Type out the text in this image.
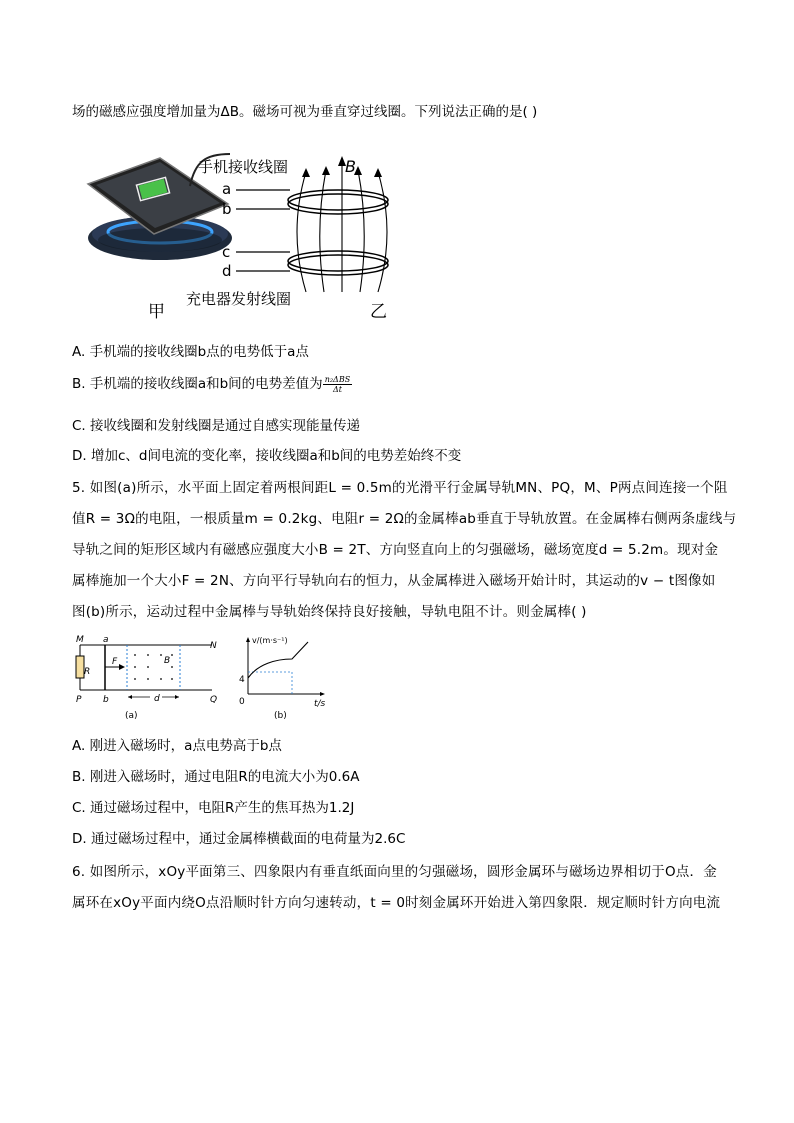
场的磁感应强度增加量为ΔB。磁场可视为垂直穿过线圈。下列说法正确的是( )
甲
手机接收线圈
充电器发射线圈
a
b
c
d
B
乙
A. 手机端的接收线圈b点的电势低于a点
B. 手机端的接收线圈a和b间的电势差值为 $\frac{\text{n₂ΔBS}}{\Delta t}$
C. 接收线圈和发射线圈是通过自感实现能量传递
D. 增加c、d间电流的变化率，接收线圈a和b间的电势差始终不变
5. 如图(a)所示，水平面上固定着两根间距L = 0.5m的光滑平行金属导轨MN、PQ，M、P两点间连接一个阻
值R = 3Ω的电阻，一根质量m = 0.2kg、电阻r = 2Ω的金属棒ab垂直于导轨放置。在金属棒右侧两条虚线与
导轨之间的矩形区域内有磁感应强度大小B = 2T、方向竖直向上的匀强磁场，磁场宽度d = 5.2m。现对金
属棒施加一个大小F = 2N、方向平行导轨向右的恒力，从金属棒进入磁场开始计时，其运动的v − t图像如
图(b)所示，运动过程中金属棒与导轨始终保持良好接触，导轨电阻不计。则金属棒( )
M a
N
R
F	B
P b	d	Q
(a)
v/(m·s⁻¹)
4
0	t/s
(b)
A. 刚进入磁场时，a点电势高于b点
B. 刚进入磁场时，通过电阻R的电流大小为0.6A
C. 通过磁场过程中，电阻R产生的焦耳热为1.2J
D. 通过磁场过程中，通过金属棒横截面的电荷量为2.6C
6. 如图所示，xOy平面第三、四象限内有垂直纸面向里的匀强磁场，圆形金属环与磁场边界相切于O点．金
属环在xOy平面内绕O点沿顺时针方向匀速转动，t = 0时刻金属环开始进入第四象限．规定顺时针方向电流
